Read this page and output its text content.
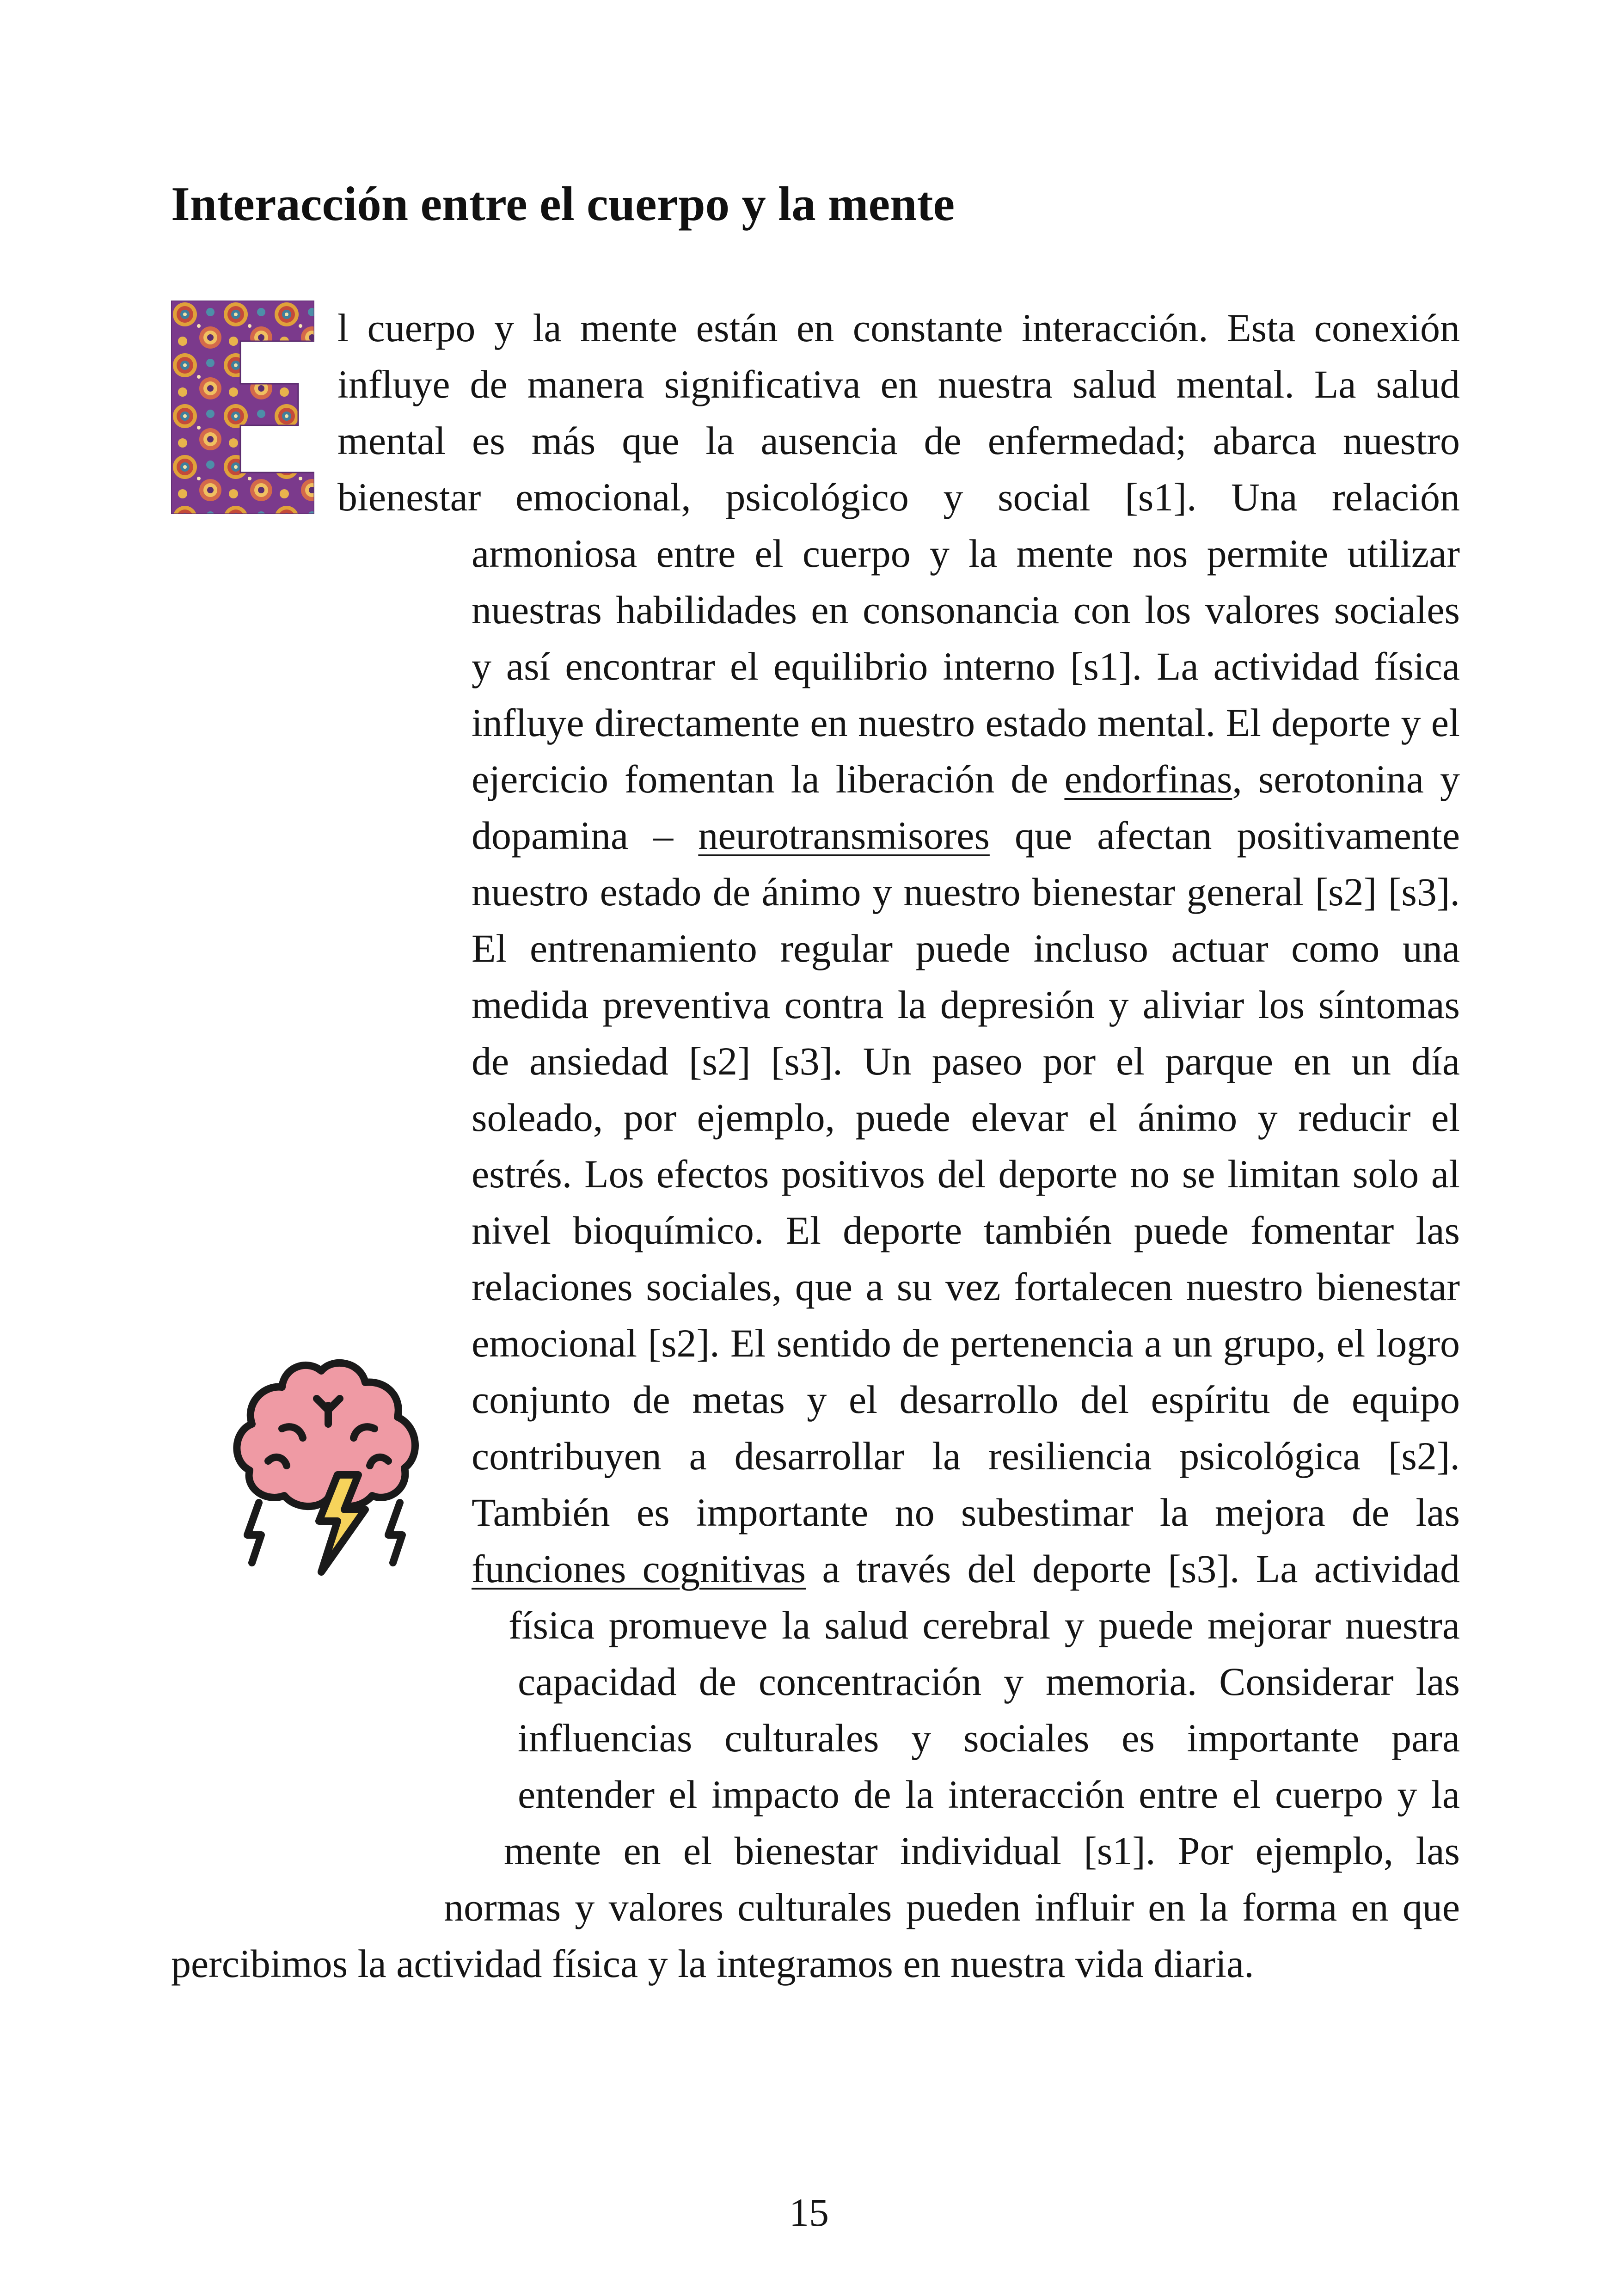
Interacción entre el cuerpo y la mente

l cuerpo y la mente están en constante interacción. Esta conexión influye de manera significativa en nuestra salud mental. La salud mental es más que la ausencia de enfermedad; abarca nuestro bienestar emocional, psicológico y social [s1]. Una relación armoniosa entre el cuerpo y la mente nos permite utilizar nuestras habilidades en consonancia con los valores sociales y así encontrar el equilibrio interno [s1]. La actividad física influye directamente en nuestro estado mental. El deporte y el ejercicio fomentan la liberación de endorfinas, serotonina y dopamina – neurotransmisores que afectan positivamente nuestro estado de ánimo y nuestro bienestar general [s2] [s3]. El entrenamiento regular puede incluso actuar como una medida preventiva contra la depresión y aliviar los síntomas de ansiedad [s2] [s3]. Un paseo por el parque en un día soleado, por ejemplo, puede elevar el ánimo y reducir el estrés. Los efectos positivos del deporte no se limitan solo al nivel bioquímico. El deporte también puede fomentar las relaciones sociales, que a su vez fortalecen nuestro bienestar emocional [s2]. El sentido de pertenencia a un grupo, el logro conjunto de metas y el desarrollo del espíritu de equipo contribuyen a desarrollar la resiliencia psicológica [s2]. También es importante no subestimar la mejora de las funciones cognitivas a través del deporte [s3]. La actividad física promueve la salud cerebral y puede mejorar nuestra capacidad de concentración y memoria. Considerar las influencias culturales y sociales es importante para entender el impacto de la interacción entre el cuerpo y la mente en el bienestar individual [s1]. Por ejemplo, las normas y valores culturales pueden influir en la forma en que percibimos la actividad física y la integramos en nuestra vida diaria.

15
